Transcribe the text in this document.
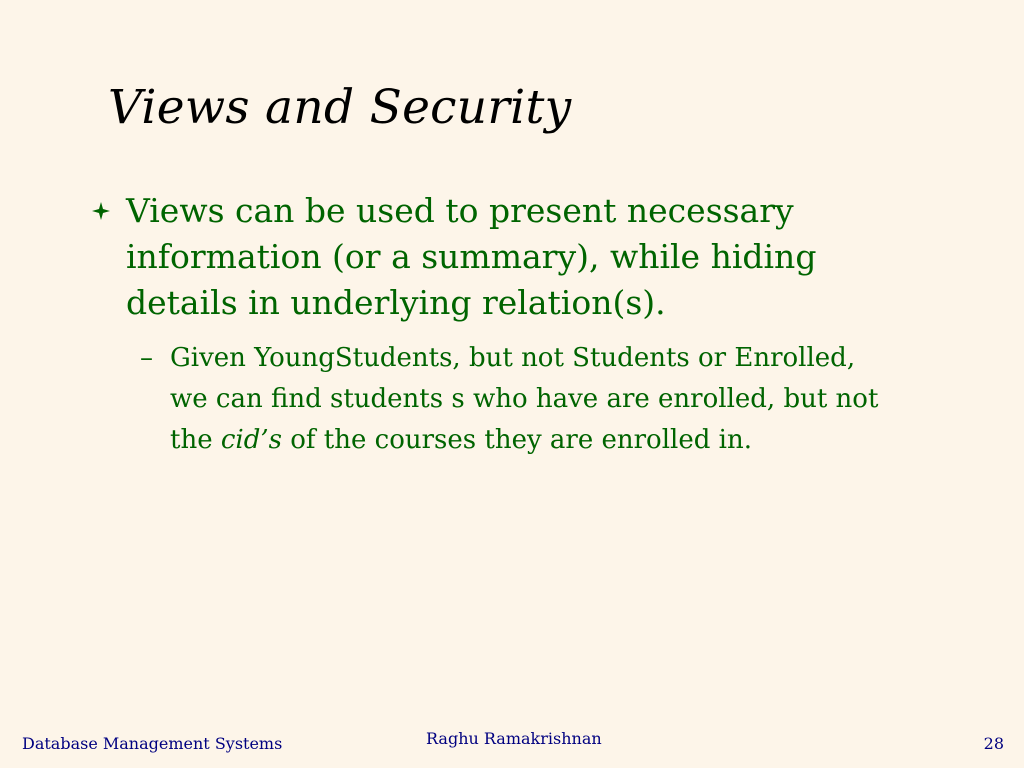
Views and Security
Views can be used to present necessary information (or a summary), while hiding details in underlying relation(s).
– Given YoungStudents, but not Students or Enrolled, we can find students s who have are enrolled, but not the cid’s of the courses they are enrolled in.
Database Management Systems	Raghu Ramakrishnan	28
